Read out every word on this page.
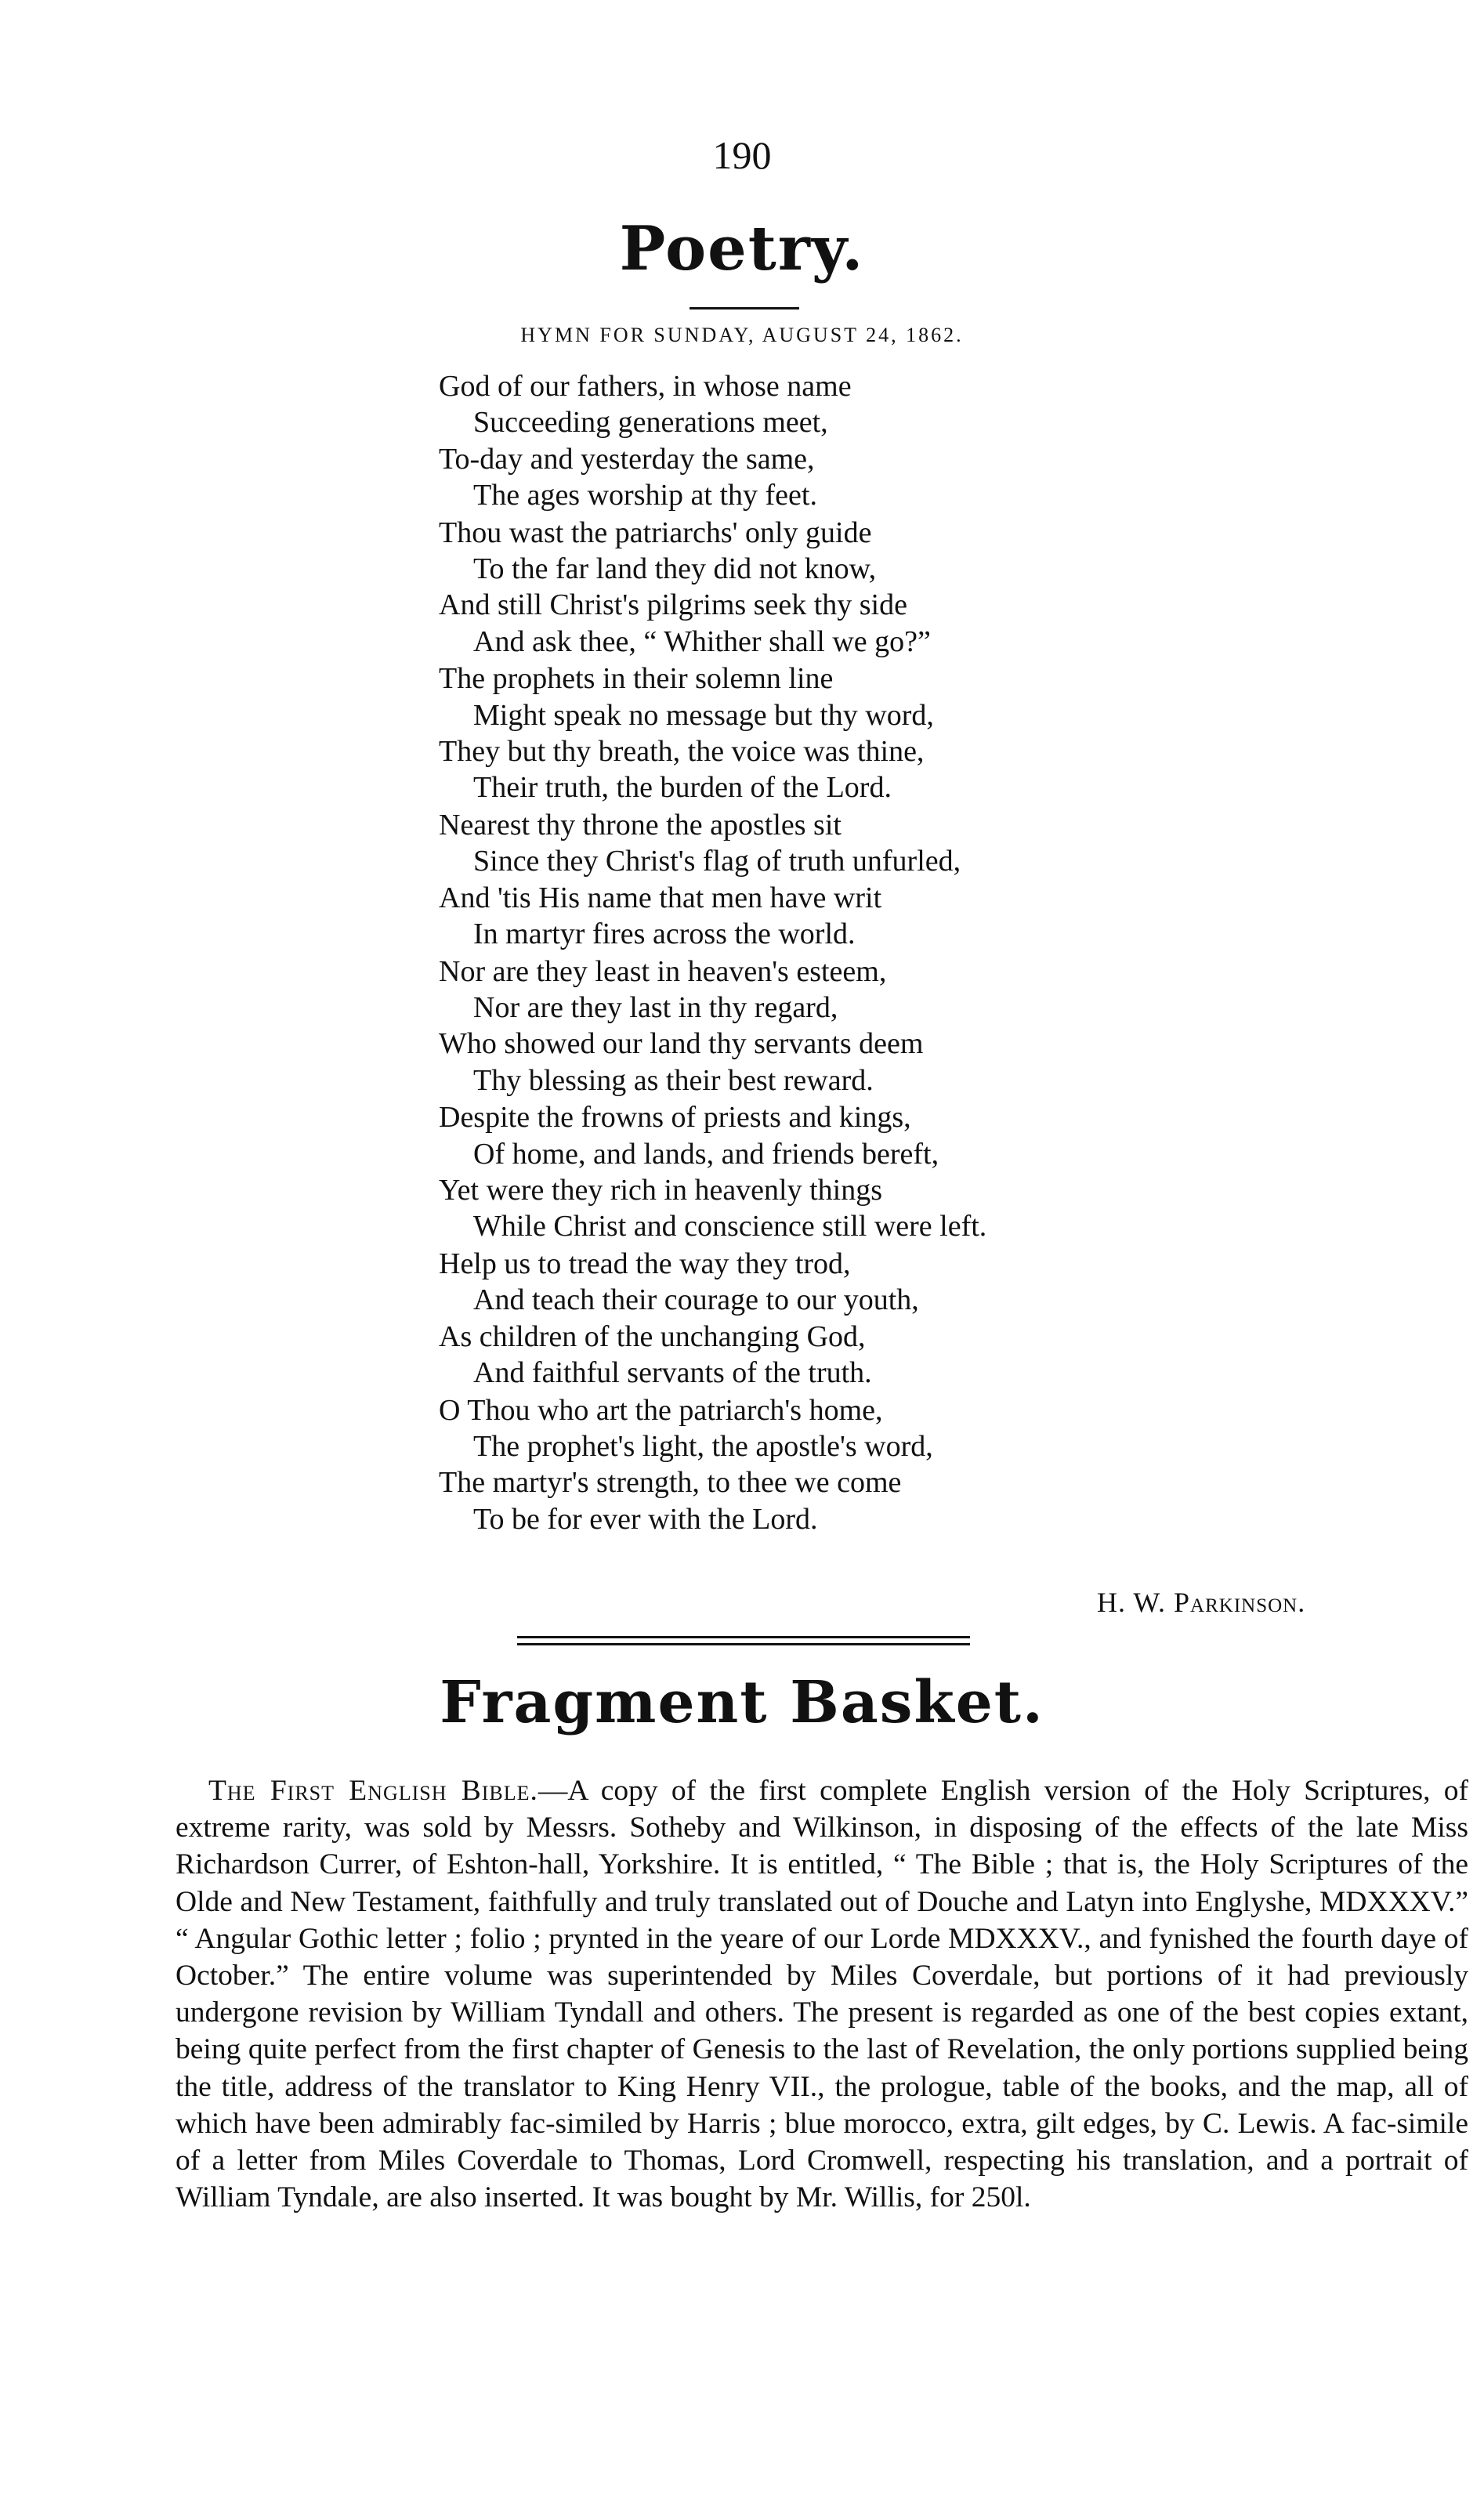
190
Poetry.
HYMN FOR SUNDAY, AUGUST 24, 1862.
God of our fathers, in whose name
Succeeding generations meet,
To-day and yesterday the same,
The ages worship at thy feet.
Thou wast the patriarchs' only guide
To the far land they did not know,
And still Christ's pilgrims seek thy side
And ask thee, “ Whither shall we go?”
The prophets in their solemn line
Might speak no message but thy word,
They but thy breath, the voice was thine,
Their truth, the burden of the Lord.
Nearest thy throne the apostles sit
Since they Christ's flag of truth unfurled,
And 'tis His name that men have writ
In martyr fires across the world.
Nor are they least in heaven's esteem,
Nor are they last in thy regard,
Who showed our land thy servants deem
Thy blessing as their best reward.
Despite the frowns of priests and kings,
Of home, and lands, and friends bereft,
Yet were they rich in heavenly things
While Christ and conscience still were left.
Help us to tread the way they trod,
And teach their courage to our youth,
As children of the unchanging God,
And faithful servants of the truth.
O Thou who art the patriarch's home,
The prophet's light, the apostle's word,
The martyr's strength, to thee we come
To be for ever with the Lord.
H. W. Parkinson.
Fragment Basket.
The First English Bible.—A copy of the first complete English version of the Holy Scriptures, of extreme rarity, was sold by Messrs. Sotheby and Wilkinson, in disposing of the effects of the late Miss Richardson Currer, of Eshton-hall, Yorkshire. It is entitled, “ The Bible ; that is, the Holy Scriptures of the Olde and New Testament, faithfully and truly translated out of Douche and Latyn into Englyshe, MDXXXV.” “ Angular Gothic letter ; folio ; prynted in the yeare of our Lorde MDXXXV., and fynished the fourth daye of October.” The entire volume was superintended by Miles Coverdale, but portions of it had previously undergone revision by William Tyndall and others. The present is regarded as one of the best copies extant, being quite perfect from the first chapter of Genesis to the last of Revelation, the only portions supplied being the title, address of the translator to King Henry VII., the prologue, table of the books, and the map, all of which have been admirably fac-similed by Harris ; blue morocco, extra, gilt edges, by C. Lewis. A fac-simile of a letter from Miles Coverdale to Thomas, Lord Cromwell, respecting his translation, and a portrait of William Tyndale, are also inserted. It was bought by Mr. Willis, for 250l.
